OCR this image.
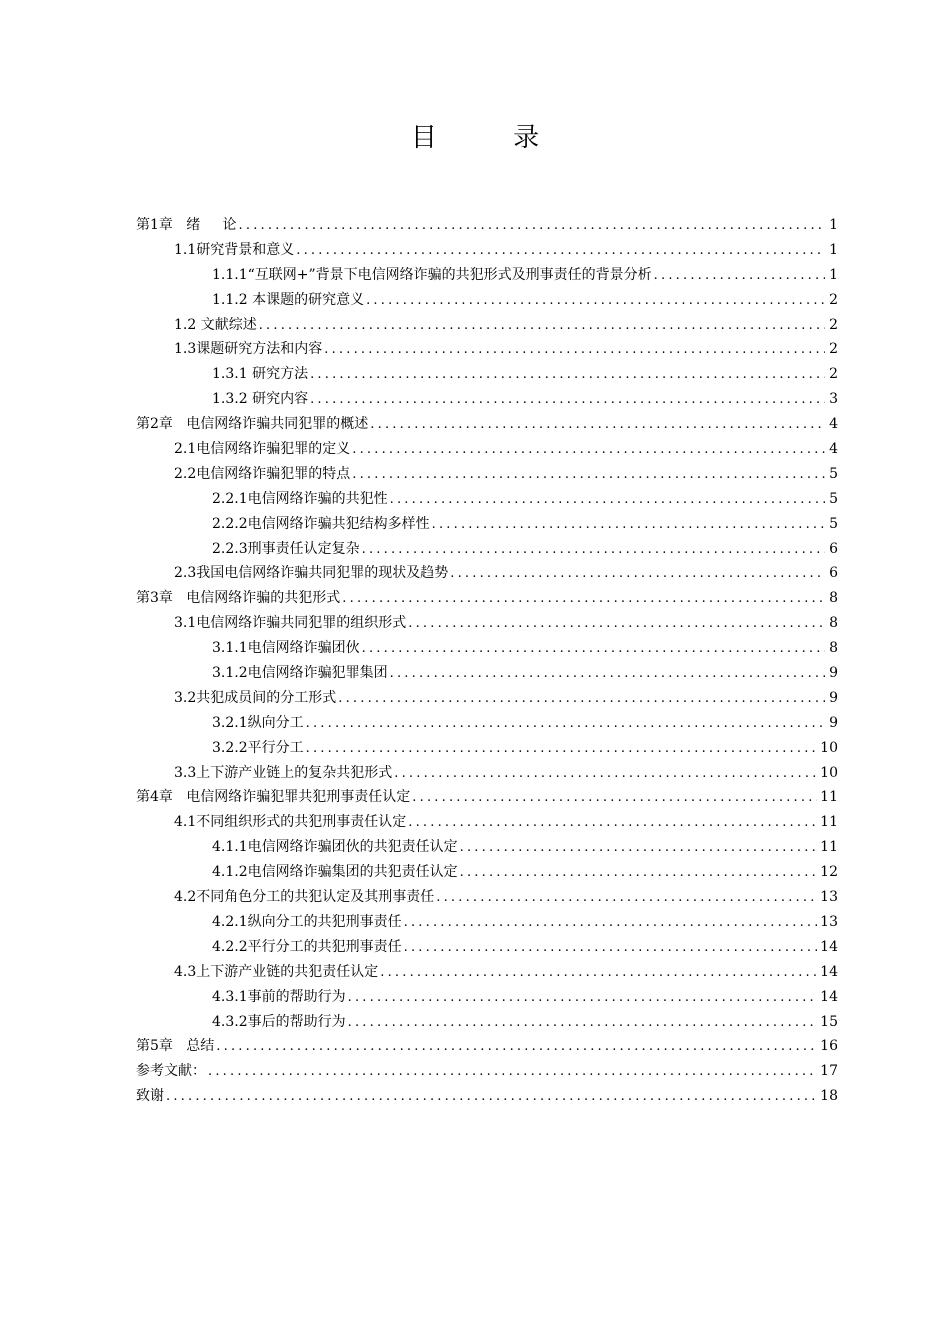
目 录
第1章 绪     论 .....	1
1.1 研究背景和意义 .....	1
1.1.1 “互联网+”背景下电信网络诈骗的共犯形式及刑事责任的背景分析 .....	1
1.1.2 本课题的研究意义 .....	2
1.2 文献综述 .....	2
1.3 课题研究方法和内容 .....	2
1.3.1 研究方法 .....	2
1.3.2 研究内容 .....	3
第2章 电信网络诈骗共同犯罪的概述 .....	4
2.1 电信网络诈骗犯罪的定义 .....	4
2.2 电信网络诈骗犯罪的特点 .....	5
2.2.1 电信网络诈骗的共犯性 .....	5
2.2.2 电信网络诈骗共犯结构多样性 .....	5
2.2.3 刑事责任认定复杂 .....	6
2.3 我国电信网络诈骗共同犯罪的现状及趋势 .....	6
第3章 电信网络诈骗的共犯形式 .....	8
3.1 电信网络诈骗共同犯罪的组织形式 .....	8
3.1.1 电信网络诈骗团伙 .....	8
3.1.2 电信网络诈骗犯罪集团 .....	9
3.2 共犯成员间的分工形式 .....	9
3.2.1 纵向分工 .....	9
3.2.2 平行分工 .....	10
3.3 上下游产业链上的复杂共犯形式 .....	10
第4章 电信网络诈骗犯罪共犯刑事责任认定 .....	11
4.1 不同组织形式的共犯刑事责任认定 .....	11
4.1.1 电信网络诈骗团伙的共犯责任认定 .....	11
4.1.2 电信网络诈骗集团的共犯责任认定 .....	12
4.2 不同角色分工的共犯认定及其刑事责任 .....	13
4.2.1 纵向分工的共犯刑事责任 .....	13
4.2.2 平行分工的共犯刑事责任 .....	14
4.3 上下游产业链的共犯责任认定 .....	14
4.3.1 事前的帮助行为 .....	14
4.3.2 事后的帮助行为 .....	15
第5章 总结 .....	16
参考文献： .....	17
致谢 .....	18
